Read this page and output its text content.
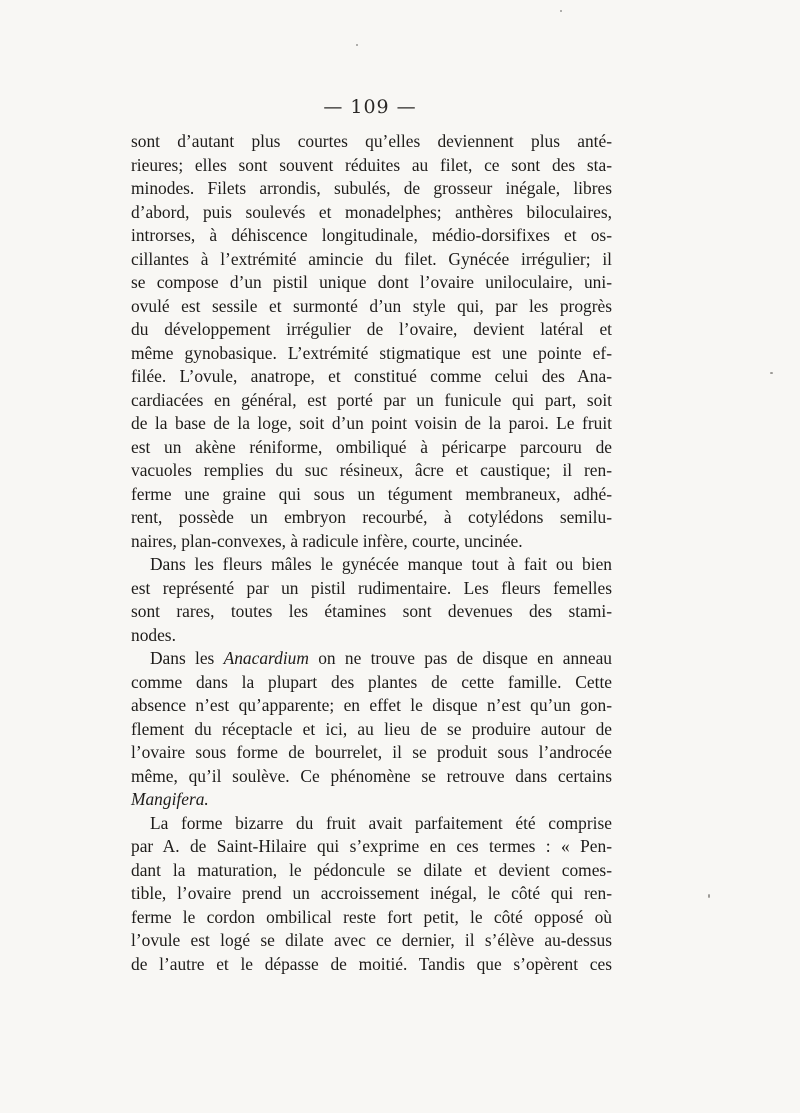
— 109 —
sont d’autant plus courtes qu’elles deviennent plus anté-
rieures; elles sont souvent réduites au filet, ce sont des sta-
minodes. Filets arrondis, subulés, de grosseur inégale, libres
d’abord, puis soulevés et monadelphes; anthères biloculaires,
introrses, à déhiscence longitudinale, médio-dorsifixes et os-
cillantes à l’extrémité amincie du filet. Gynécée irrégulier; il
se compose d’un pistil unique dont l’ovaire uniloculaire, uni-
ovulé est sessile et surmonté d’un style qui, par les progrès
du développement irrégulier de l’ovaire, devient latéral et
même gynobasique. L’extrémité stigmatique est une pointe ef-
filée. L’ovule, anatrope, et constitué comme celui des Ana-
cardiacées en général, est porté par un funicule qui part, soit
de la base de la loge, soit d’un point voisin de la paroi. Le fruit
est un akène réniforme, ombiliqué à péricarpe parcouru de
vacuoles remplies du suc résineux, âcre et caustique; il ren-
ferme une graine qui sous un tégument membraneux, adhé-
rent, possède un embryon recourbé, à cotylédons semilu-
naires, plan-convexes, à radicule infère, courte, uncinée.
Dans les fleurs mâles le gynécée manque tout à fait ou bien
est représenté par un pistil rudimentaire. Les fleurs femelles
sont rares, toutes les étamines sont devenues des stami-
nodes.
Dans les Anacardium on ne trouve pas de disque en anneau
comme dans la plupart des plantes de cette famille. Cette
absence n’est qu’apparente; en effet le disque n’est qu’un gon-
flement du réceptacle et ici, au lieu de se produire autour de
l’ovaire sous forme de bourrelet, il se produit sous l’androcée
même, qu’il soulève. Ce phénomène se retrouve dans certains
Mangifera.
La forme bizarre du fruit avait parfaitement été comprise
par A. de Saint-Hilaire qui s’exprime en ces termes : « Pen-
dant la maturation, le pédoncule se dilate et devient comes-
tible, l’ovaire prend un accroissement inégal, le côté qui ren-
ferme le cordon ombilical reste fort petit, le côté opposé où
l’ovule est logé se dilate avec ce dernier, il s’élève au-dessus
de l’autre et le dépasse de moitié. Tandis que s’opèrent ces
